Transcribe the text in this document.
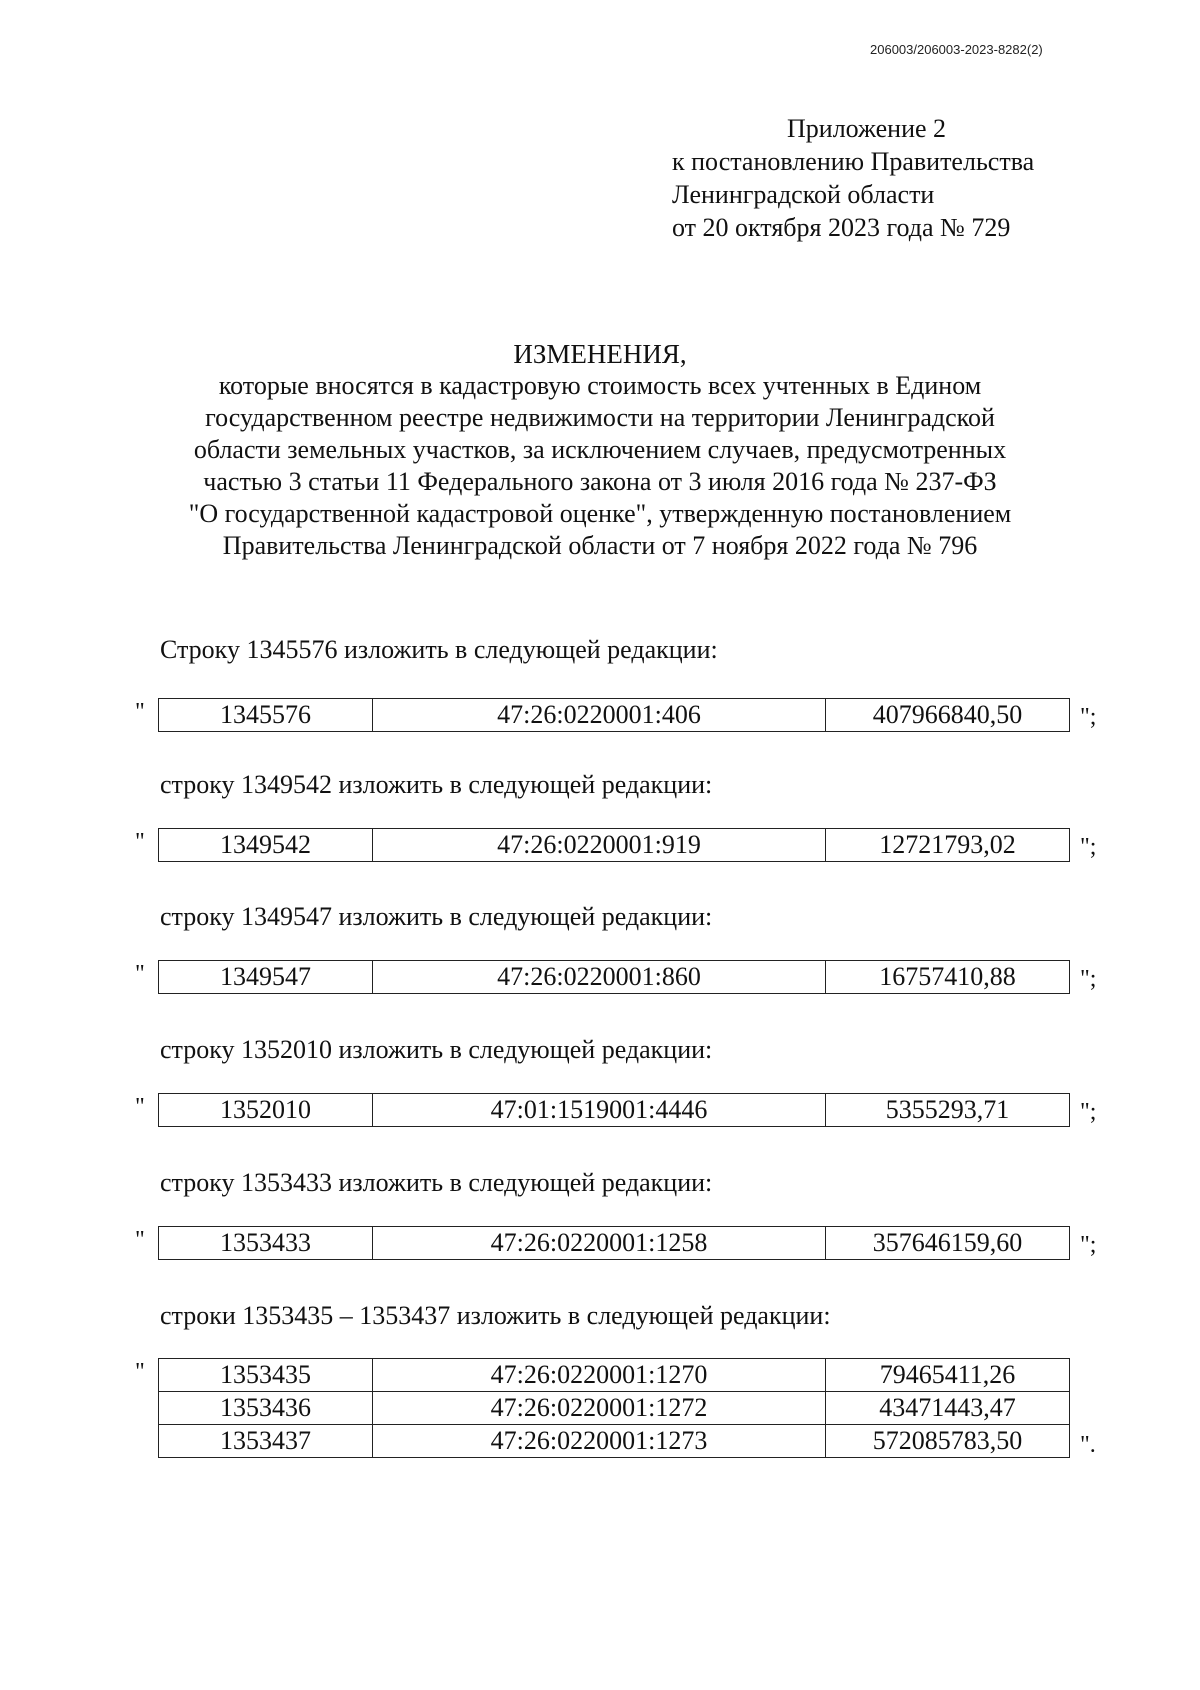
206003/206003-2023-8282(2)
Приложение 2
к постановлению Правительства
Ленинградской области
от 20 октября 2023 года № 729
ИЗМЕНЕНИЯ,
которые вносятся в кадастровую стоимость всех учтенных в Едином
государственном реестре недвижимости на территории Ленинградской
области земельных участков, за исключением случаев, предусмотренных
частью 3 статьи 11 Федерального закона от 3 июля 2016 года № 237-ФЗ
"О государственной кадастровой оценке", утвержденную постановлением
Правительства Ленинградской области от 7 ноября 2022 года № 796
Строку 1345576 изложить в следующей редакции:
"	1345576	47:26:0220001:406	407966840,50 ";
строку 1349542 изложить в следующей редакции:
"	1349542	47:26:0220001:919	12721793,02	";
строку 1349547 изложить в следующей редакции:
"	1349547	47:26:0220001:860	16757410,88	";
строку 1352010 изложить в следующей редакции:
"	1352010	47:01:1519001:4446	5355293,71	";
строку 1353433 изложить в следующей редакции:
"	1353433	47:26:0220001:1258	357646159,60 ";
строки 1353435 – 1353437 изложить в следующей редакции:
"	1353435	47:26:0220001:1270	79465411,26
1353436	47:26:0220001:1272	43471443,47
1353437	47:26:0220001:1273	572085783,50 ".
